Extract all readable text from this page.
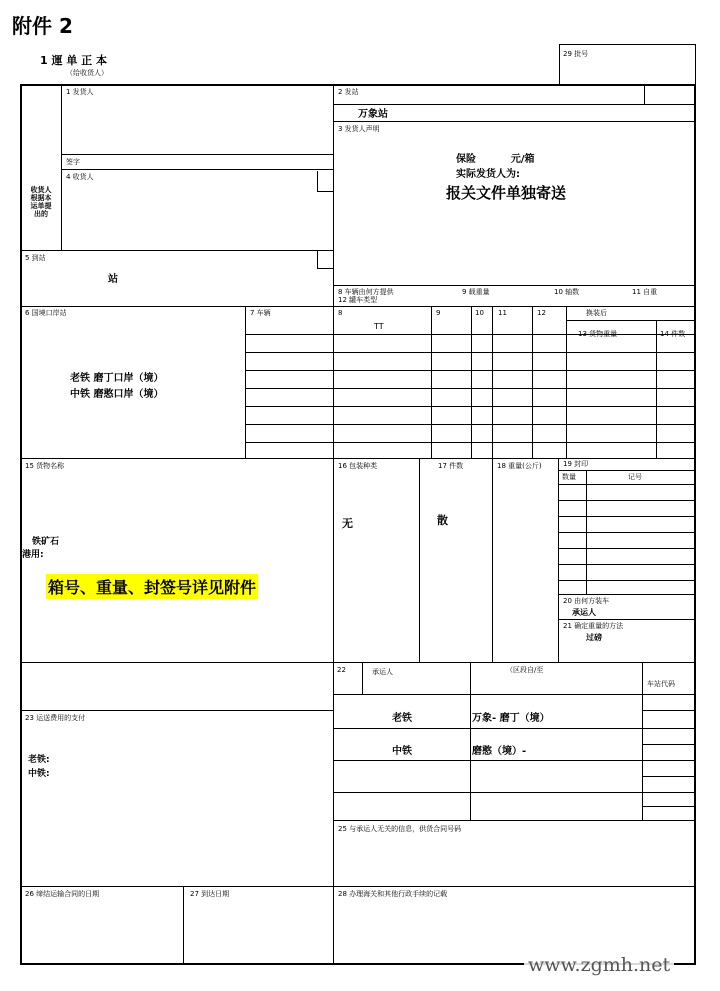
附件 2
1 運 单 正 本
（给收货人）
29 批号
1 发货人
签字
4 收货人
5 到站
2 发站
3 发货人声明
8 车辆由何方提供	9 载重量	10 轴数	11 自重
12 罐车类型
收货人根据本运单提出的
万象站
保险          元/箱
实际发货人为:
报关文件单独寄送
站
6 国境口岸站	7 车辆	8	9	10 11	12	换装后
13 货物重量	14 件数
TT
老铁 磨丁口岸（境）
中铁 磨憨口岸（境）
15 货物名称	16 包装种类	17 件数	18 重量(公斤)	19 封印
数量	记号
20 由何方装车
21 确定重量的方法
铁矿石
港用:
箱号、重量、封签号详见附件
无	散
承运人
过磅
22	承运人	（区段自/至
车站代码
23 运送费用的支付
25 与承运人无关的信息，供货合同号码
老铁	万象- 磨丁（境）
中铁	磨憨（境）-
老铁:
中铁:
26 缔结运输合同的日期	27 到达日期	28 办理海关和其他行政手续的记载
www.zgmh.net
